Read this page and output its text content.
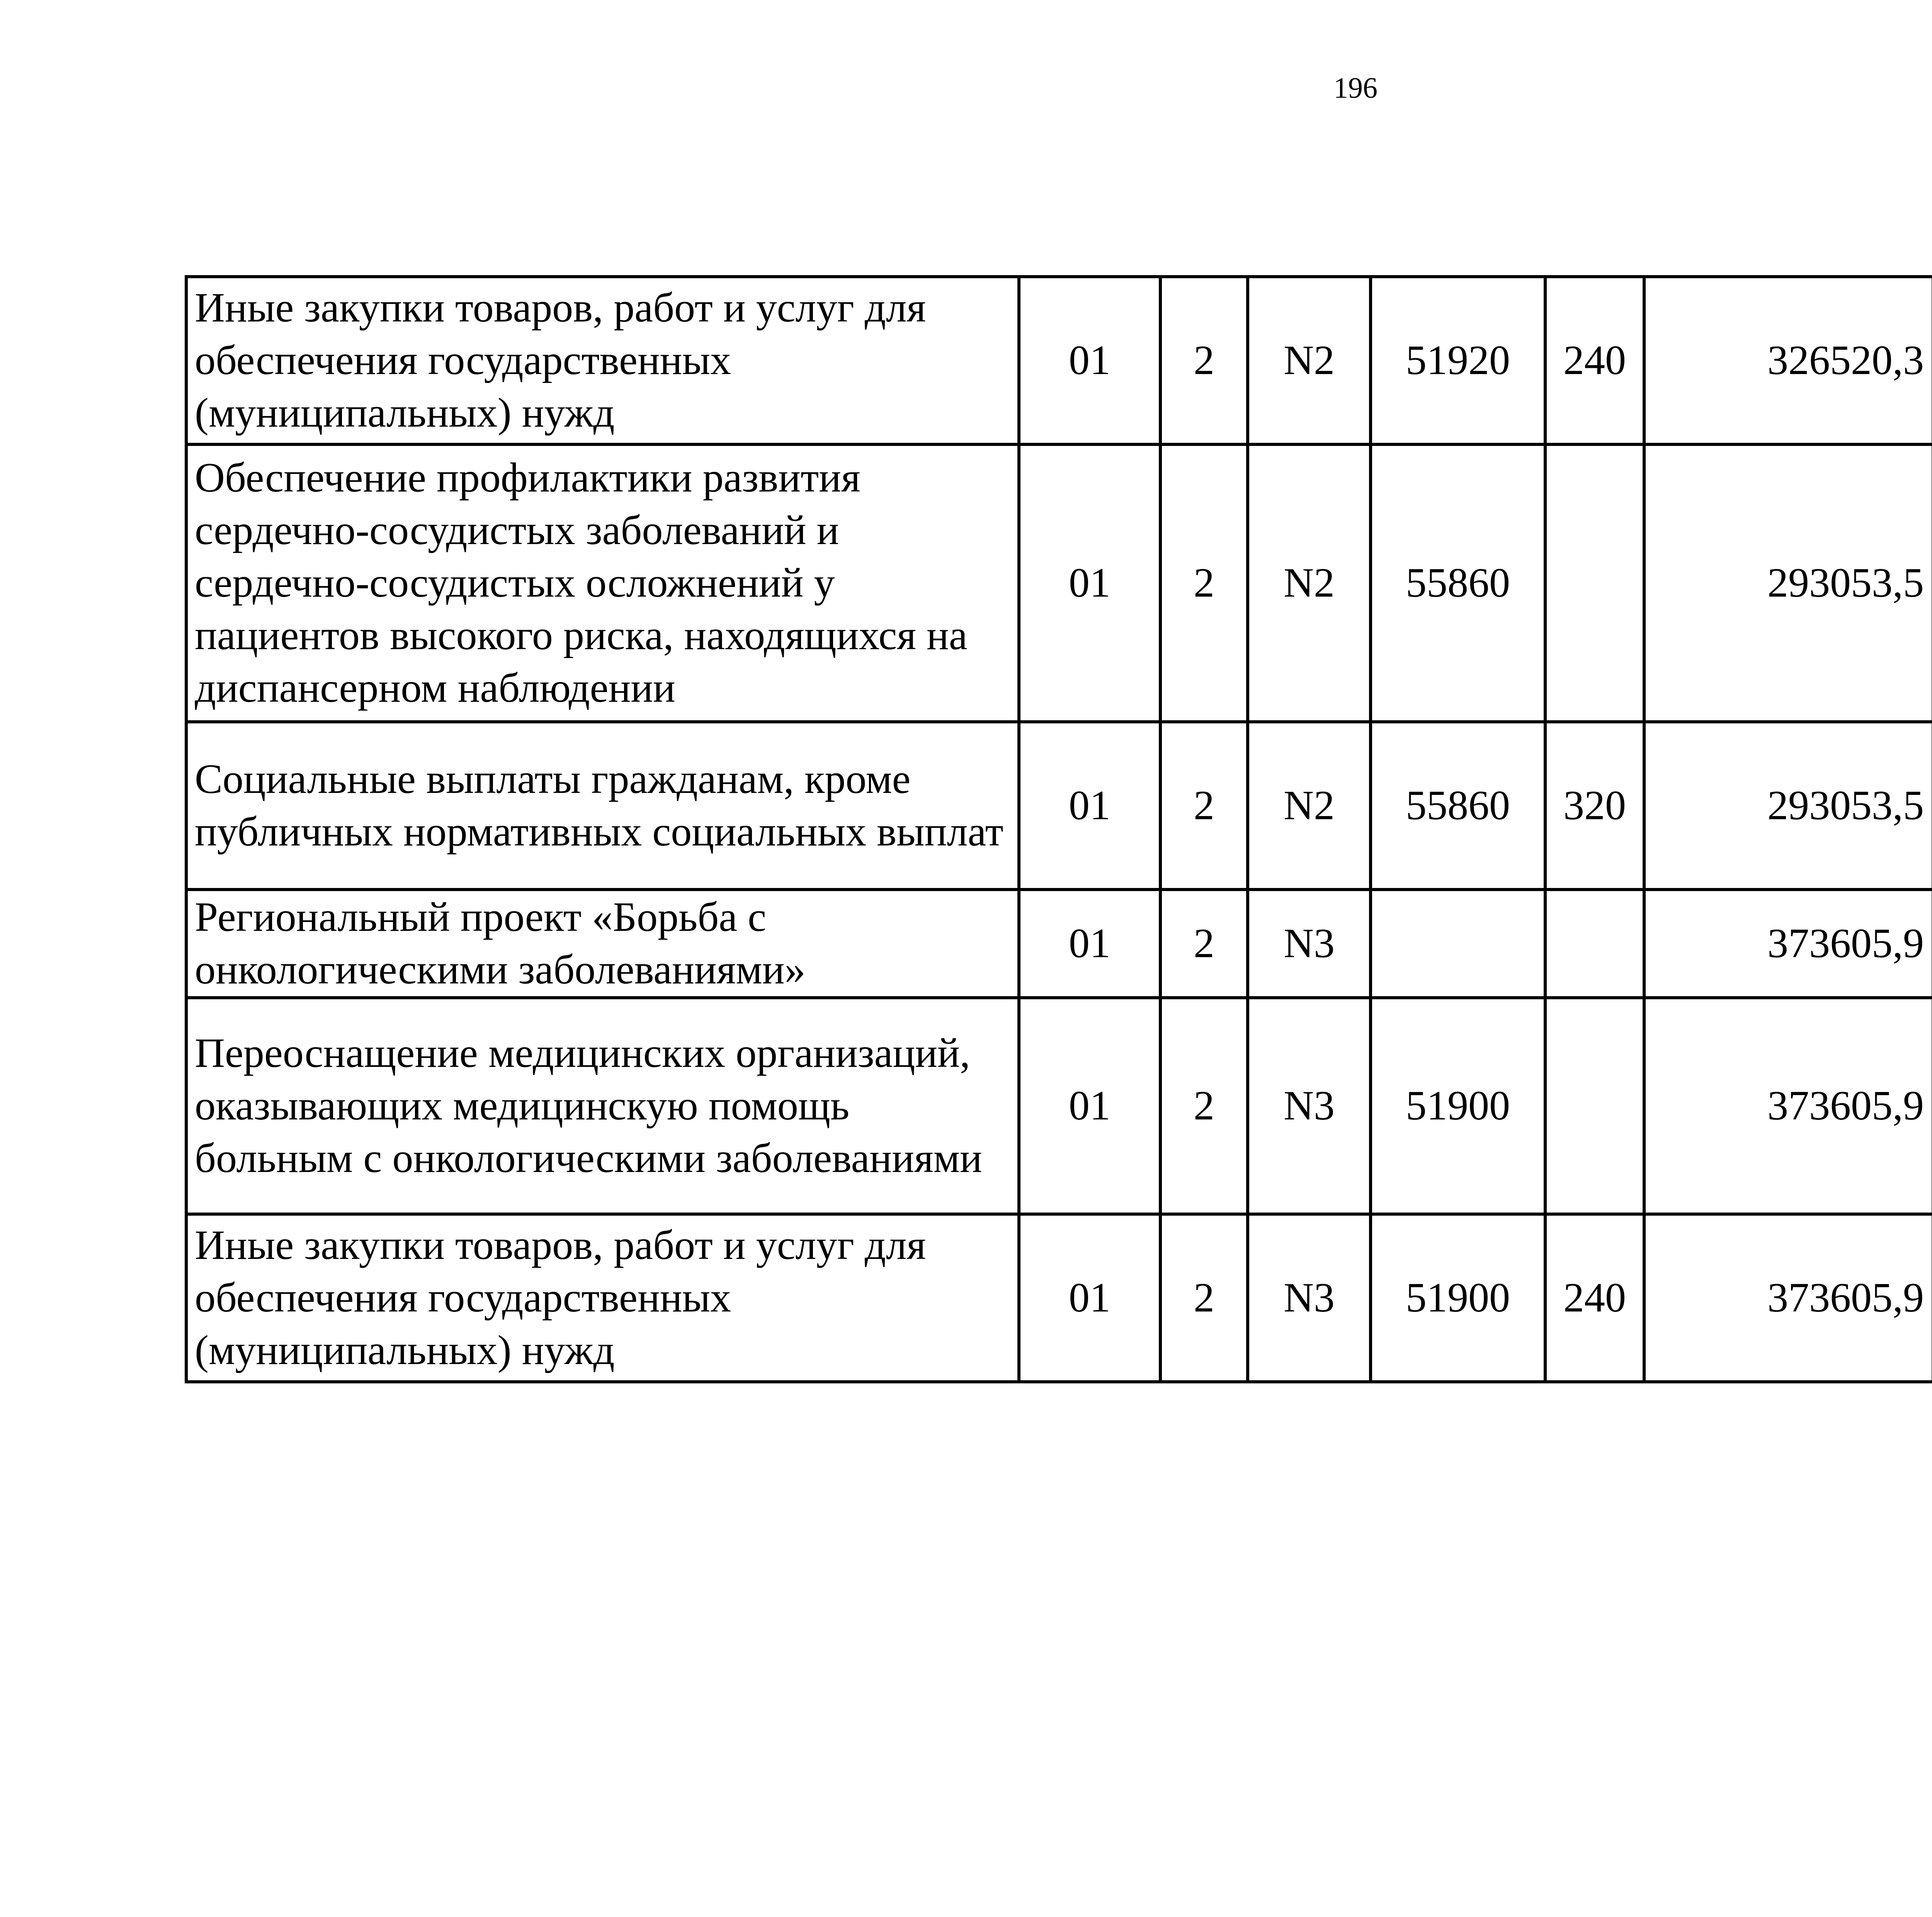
196
Иные закупки товаров, работ и услуг для обеспечения государственных (муниципальных) нужд	01	2	N2	51920	240	326520,3		
Обеспечение профилактики развития сердечно-сосудистых заболеваний и сердечно-сосудистых осложнений у пациентов высокого риска, находящихся на диспансерном наблюдении	01	2	N2	55860		293053,5		
Социальные выплаты гражданам, кроме публичных нормативных социальных выплат	01	2	N2	55860	320	293053,5		
Региональный проект «Борьба с онкологическими заболеваниями»	01	2	N3			373605,9		
Переоснащение медицинских организаций, оказывающих медицинскую помощь больным с онкологическими заболеваниями	01	2	N3	51900		373605,9		
Иные закупки товаров, работ и услуг для обеспечения государственных (муниципальных) нужд	01	2	N3	51900	240	373605,9		
